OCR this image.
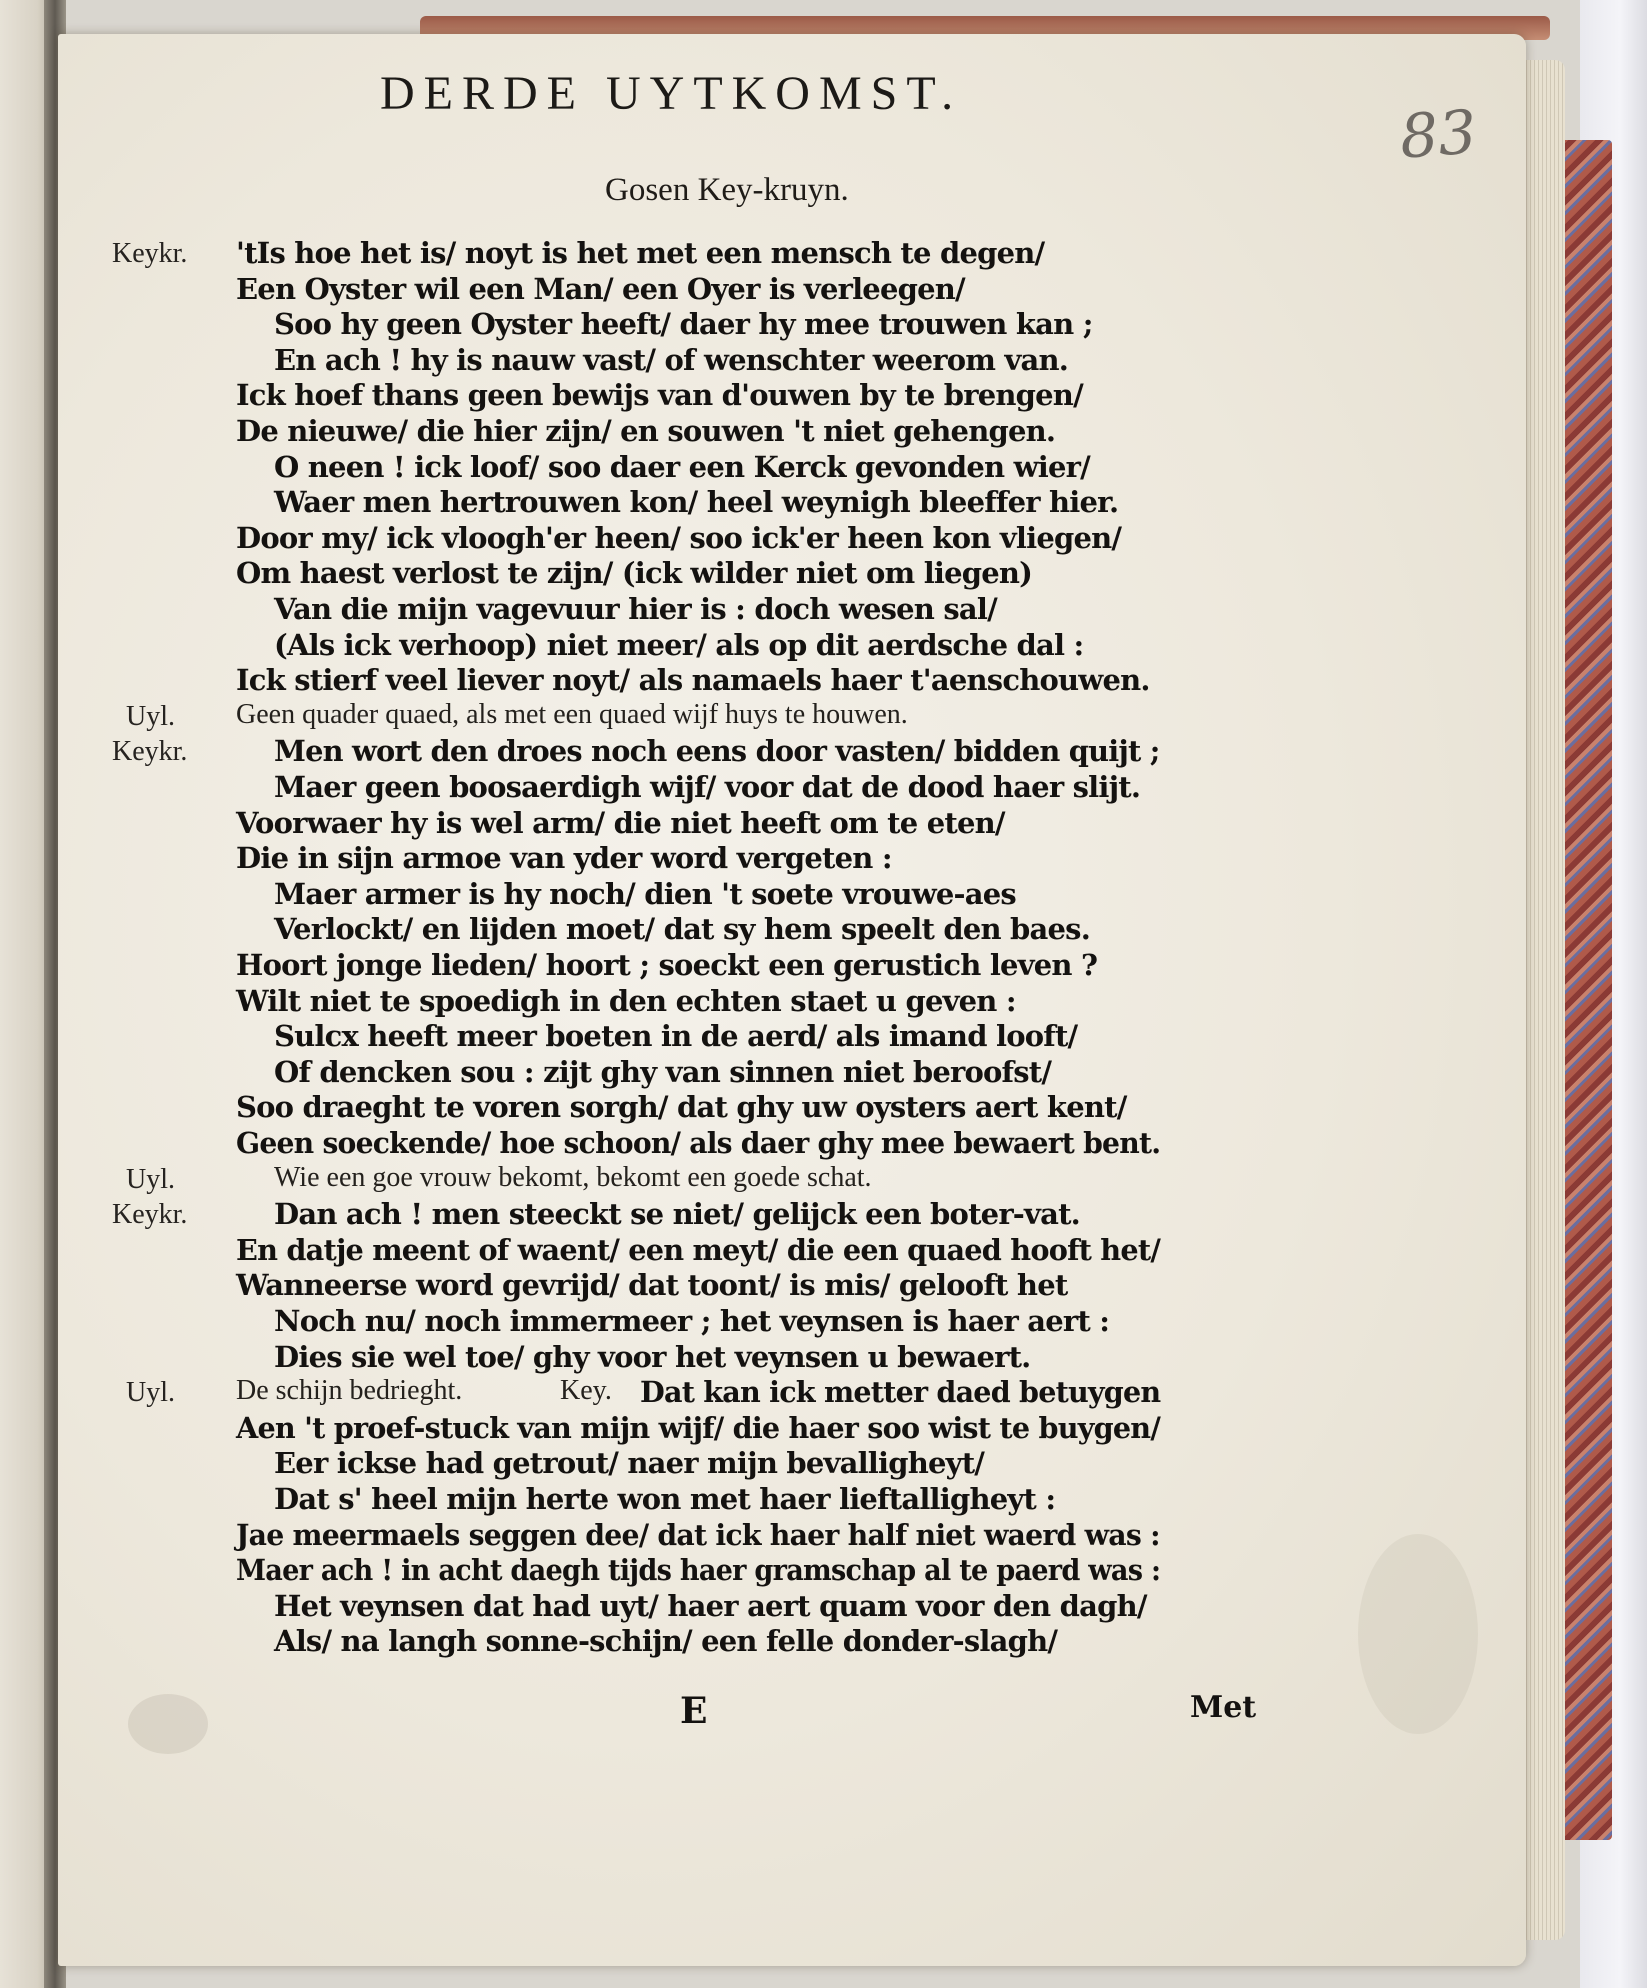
DERDE UYTKOMST.
83
Gosen Key-kruyn.
Keykr. 'tIs hoe het is/ noyt is het met een mensch te degen/
Een Oyster wil een Man/ een Oyer is verleegen/
Soo hy geen Oyster heeft/ daer hy mee trouwen kan ;
En ach ! hy is nauw vast/ of wenschter weerom van.
Ick hoef thans geen bewijs van d'ouwen by te brengen/
De nieuwe/ die hier zijn/ en souwen 't niet gehengen.
O neen ! ick loof/ soo daer een Kerck gevonden wier/
Waer men hertrouwen kon/ heel weynigh bleeffer hier.
Door my/ ick vloogh'er heen/ soo ick'er heen kon vliegen/
Om haest verlost te zijn/ (ick wilder niet om liegen)
Van die mijn vagevuur hier is : doch wesen sal/
(Als ick verhoop) niet meer/ als op dit aerdsche dal :
Ick stierf veel liever noyt/ als namaels haer t'aenschouwen.
Uyl. Geen quader quaed, als met een quaed wijf huys te houwen.
Keykr.	Men wort den droes noch eens door vasten/ bidden quijt ;
Maer geen boosaerdigh wijf/ voor dat de dood haer slijt.
Voorwaer hy is wel arm/ die niet heeft om te eten/
Die in sijn armoe van yder word vergeten :
Maer armer is hy noch/ dien 't soete vrouwe-aes
Verlockt/ en lijden moet/ dat sy hem speelt den baes.
Hoort jonge lieden/ hoort ; soeckt een gerustich leven ?
Wilt niet te spoedigh in den echten staet u geven :
Sulcx heeft meer boeten in de aerd/ als imand looft/
Of dencken sou : zijt ghy van sinnen niet beroofst/
Soo draeght te voren sorgh/ dat ghy uw oysters aert kent/
Geen soeckende/ hoe schoon/ als daer ghy mee bewaert bent.
Uyl.	Wie een goe vrouw bekomt, bekomt een goede schat.
Keykr.	Dan ach ! men steeckt se niet/ gelijck een boter-vat.
En datje meent of waent/ een meyt/ die een quaed hooft het/
Wanneerse word gevrijd/ dat toont/ is mis/ gelooft het
Noch nu/ noch immermeer ; het veynsen is haer aert :
Dies sie wel toe/ ghy voor het veynsen u bewaert.
Uyl. De schijn bedrieght.	Key. Dat kan ick metter daed betuygen
Aen 't proef-stuck van mijn wijf/ die haer soo wist te buygen/
Eer ickse had getrout/ naer mijn bevalligheyt/
Dat s' heel mijn herte won met haer lieftalligheyt :
Jae meermaels seggen dee/ dat ick haer half niet waerd was :
Maer ach ! in acht daegh tijds haer gramschap al te paerd was :
Het veynsen dat had uyt/ haer aert quam voor den dagh/
Als/ na langh sonne-schijn/ een felle donder-slagh/
E	Met
